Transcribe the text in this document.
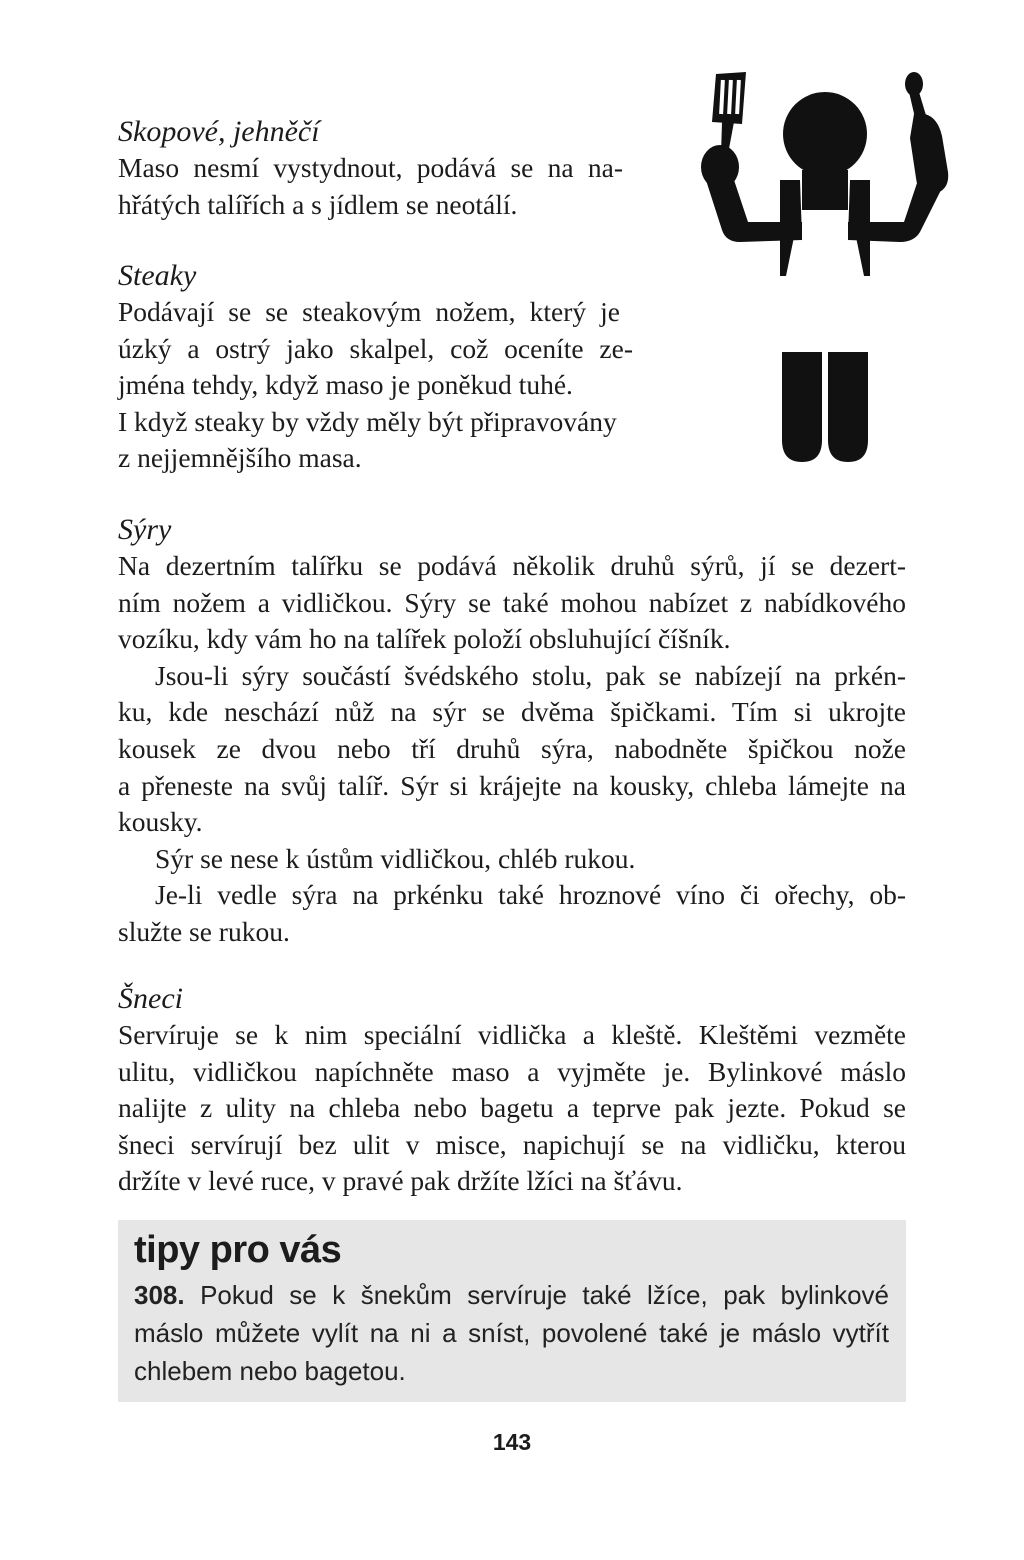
Skopové, jehněčí

Maso nesmí vystydnout, podává se na na-

hřátých talířích a s jídlem se neotálí.

Steaky

Podávají se se steakovým nožem, který je

úzký a ostrý jako skalpel, což oceníte ze-

jména tehdy, když maso je poněkud tuhé.

I když steaky by vždy měly být připravovány

z nejjemnějšího masa.

Sýry

Na dezertním talířku se podává několik druhů sýrů, jí se dezert-

ním nožem a vidličkou. Sýry se také mohou nabízet z nabídkového

vozíku, kdy vám ho na talířek položí obsluhující číšník.

Jsou-li sýry součástí švédského stolu, pak se nabízejí na prkén-

ku, kde neschází nůž na sýr se dvěma špičkami. Tím si ukrojte

kousek ze dvou nebo tří druhů sýra, nabodněte špičkou nože

a přeneste na svůj talíř. Sýr si krájejte na kousky, chleba lámejte na

kousky.

Sýr se nese k ústům vidličkou, chléb rukou.

Je-li vedle sýra na prkénku také hroznové víno či ořechy, ob-

služte se rukou.

Šneci

Servíruje se k nim speciální vidlička a kleště. Kleštěmi vezměte

ulitu, vidličkou napíchněte maso a vyjměte je. Bylinkové máslo

nalijte z ulity na chleba nebo bagetu a teprve pak jezte. Pokud se

šneci servírují bez ulit v misce, napichují se na vidličku, kterou

držíte v levé ruce, v pravé pak držíte lžíci na šťávu.

tipy pro vás

308. Pokud se k šnekům servíruje také lžíce, pak bylinkové

máslo můžete vylít na ni a sníst, povolené také je máslo vytřít

chlebem nebo bagetou.

143
